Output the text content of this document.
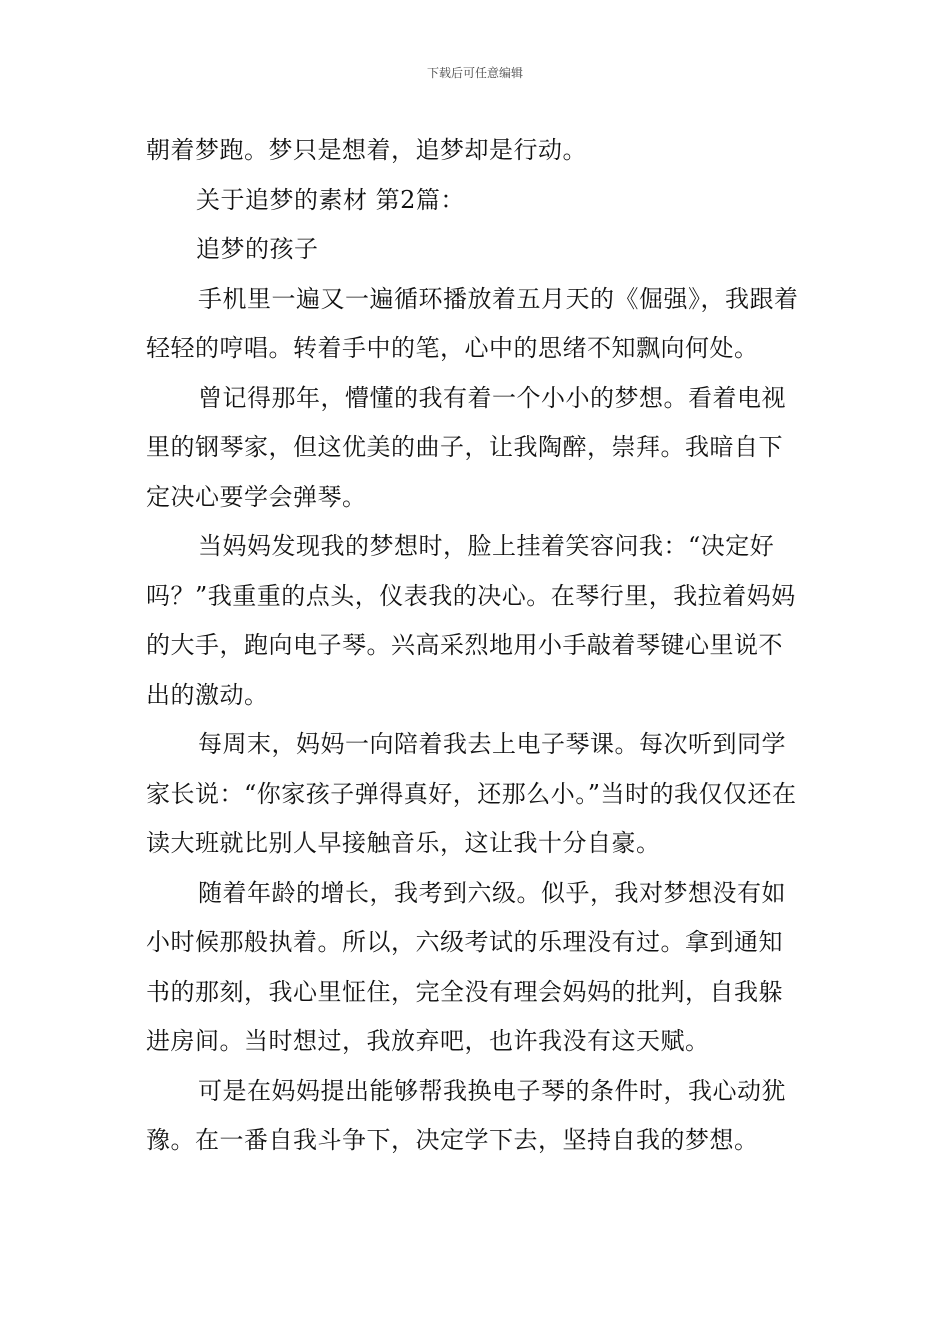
下载后可任意编辑

朝着梦跑。梦只是想着，追梦却是行动。

关于追梦的素材 第2篇：

追梦的孩子

手机里一遍又一遍循环播放着五月天的《倔强》，我跟着轻轻的哼唱。转着手中的笔，心中的思绪不知飘向何处。

曾记得那年，懵懂的我有着一个小小的梦想。看着电视里的钢琴家，但这优美的曲子，让我陶醉，崇拜。我暗自下定决心要学会弹琴。

当妈妈发现我的梦想时，脸上挂着笑容问我：“决定好吗？”我重重的点头，仪表我的决心。在琴行里，我拉着妈妈的大手，跑向电子琴。兴高采烈地用小手敲着琴键心里说不出的激动。

每周末，妈妈一向陪着我去上电子琴课。每次听到同学家长说：“你家孩子弹得真好，还那么小。”当时的我仅仅还在读大班就比别人早接触音乐，这让我十分自豪。

随着年龄的增长，我考到六级。似乎，我对梦想没有如小时候那般执着。所以，六级考试的乐理没有过。拿到通知书的那刻，我心里怔住，完全没有理会妈妈的批判，自我躲进房间。当时想过，我放弃吧，也许我没有这天赋。

可是在妈妈提出能够帮我换电子琴的条件时，我心动犹豫。在一番自我斗争下，决定学下去，坚持自我的梦想。
